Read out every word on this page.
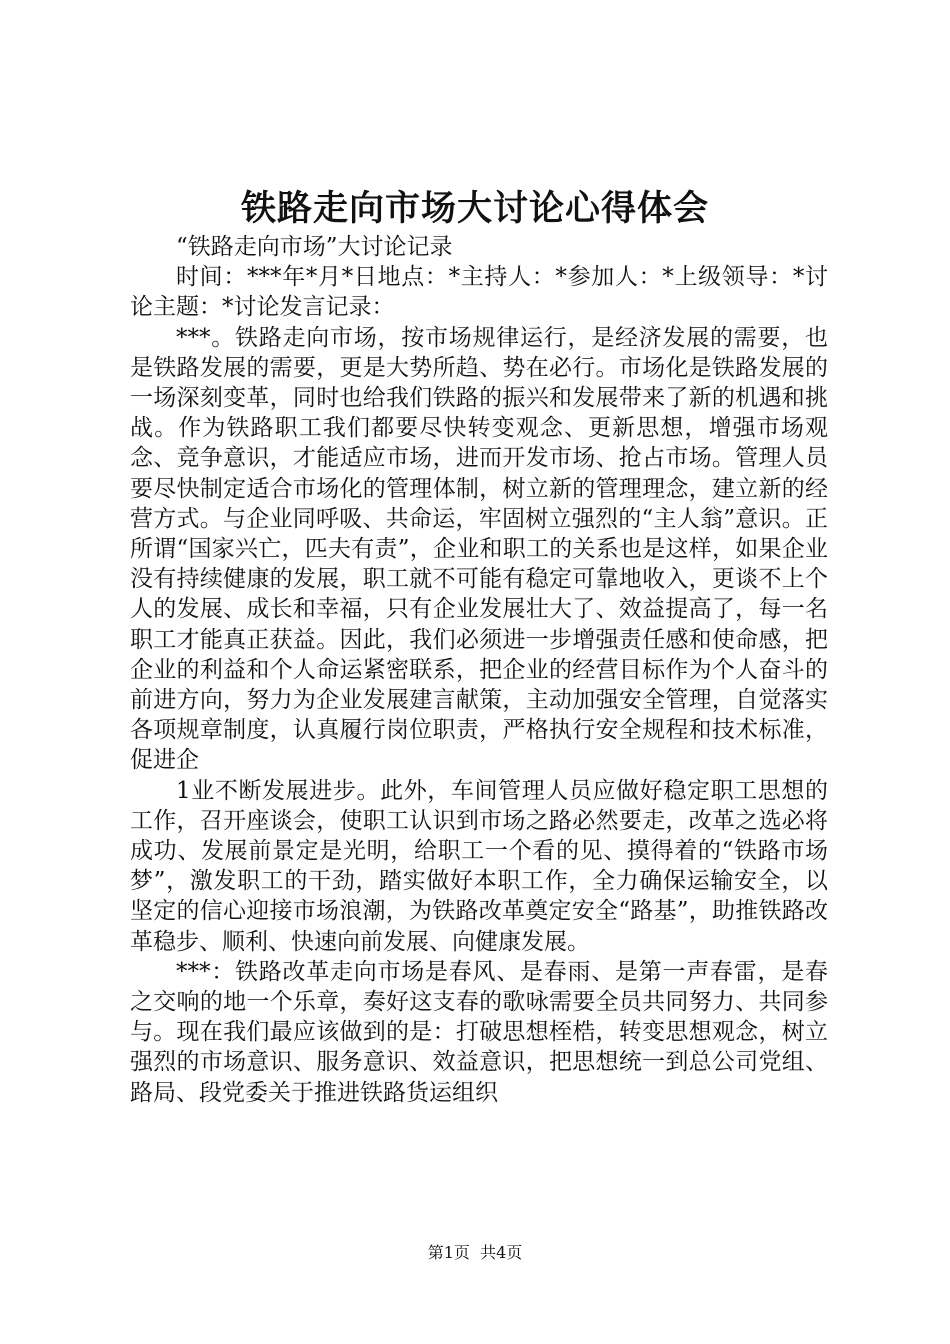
铁路走向市场大讨论心得体会

“铁路走向市场”大讨论记录

时间：***年*月*日地点：*主持人：*参加人：*上级领导：*讨论主题：*讨论发言记录：

***。铁路走向市场，按市场规律运行，是经济发展的需要，也是铁路发展的需要，更是大势所趋、势在必行。市场化是铁路发展的一场深刻变革，同时也给我们铁路的振兴和发展带来了新的机遇和挑战。作为铁路职工我们都要尽快转变观念、更新思想，增强市场观念、竞争意识，才能适应市场，进而开发市场、抢占市场。管理人员要尽快制定适合市场化的管理体制，树立新的管理理念，建立新的经营方式。与企业同呼吸、共命运，牢固树立强烈的“主人翁”意识。正所谓“国家兴亡，匹夫有责”，企业和职工的关系也是这样，如果企业没有持续健康的发展，职工就不可能有稳定可靠地收入，更谈不上个人的发展、成长和幸福，只有企业发展壮大了、效益提高了，每一名职工才能真正获益。因此，我们必须进一步增强责任感和使命感，把企业的利益和个人命运紧密联系，把企业的经营目标作为个人奋斗的前进方向，努力为企业发展建言献策，主动加强安全管理，自觉落实各项规章制度，认真履行岗位职责，严格执行安全规程和技术标准，促进企

1业不断发展进步。此外，车间管理人员应做好稳定职工思想的工作，召开座谈会，使职工认识到市场之路必然要走，改革之选必将成功、发展前景定是光明，给职工一个看的见、摸得着的“铁路市场梦”，激发职工的干劲，踏实做好本职工作，全力确保运输安全，以坚定的信心迎接市场浪潮，为铁路改革奠定安全“路基”，助推铁路改革稳步、顺利、快速向前发展、向健康发展。

***：铁路改革走向市场是春风、是春雨、是第一声春雷，是春之交响的地一个乐章，奏好这支春的歌咏需要全员共同努力、共同参与。现在我们最应该做到的是：打破思想桎梏，转变思想观念，树立强烈的市场意识、服务意识、效益意识，把思想统一到总公司党组、路局、段党委关于推进铁路货运组织

第1页 共4页
